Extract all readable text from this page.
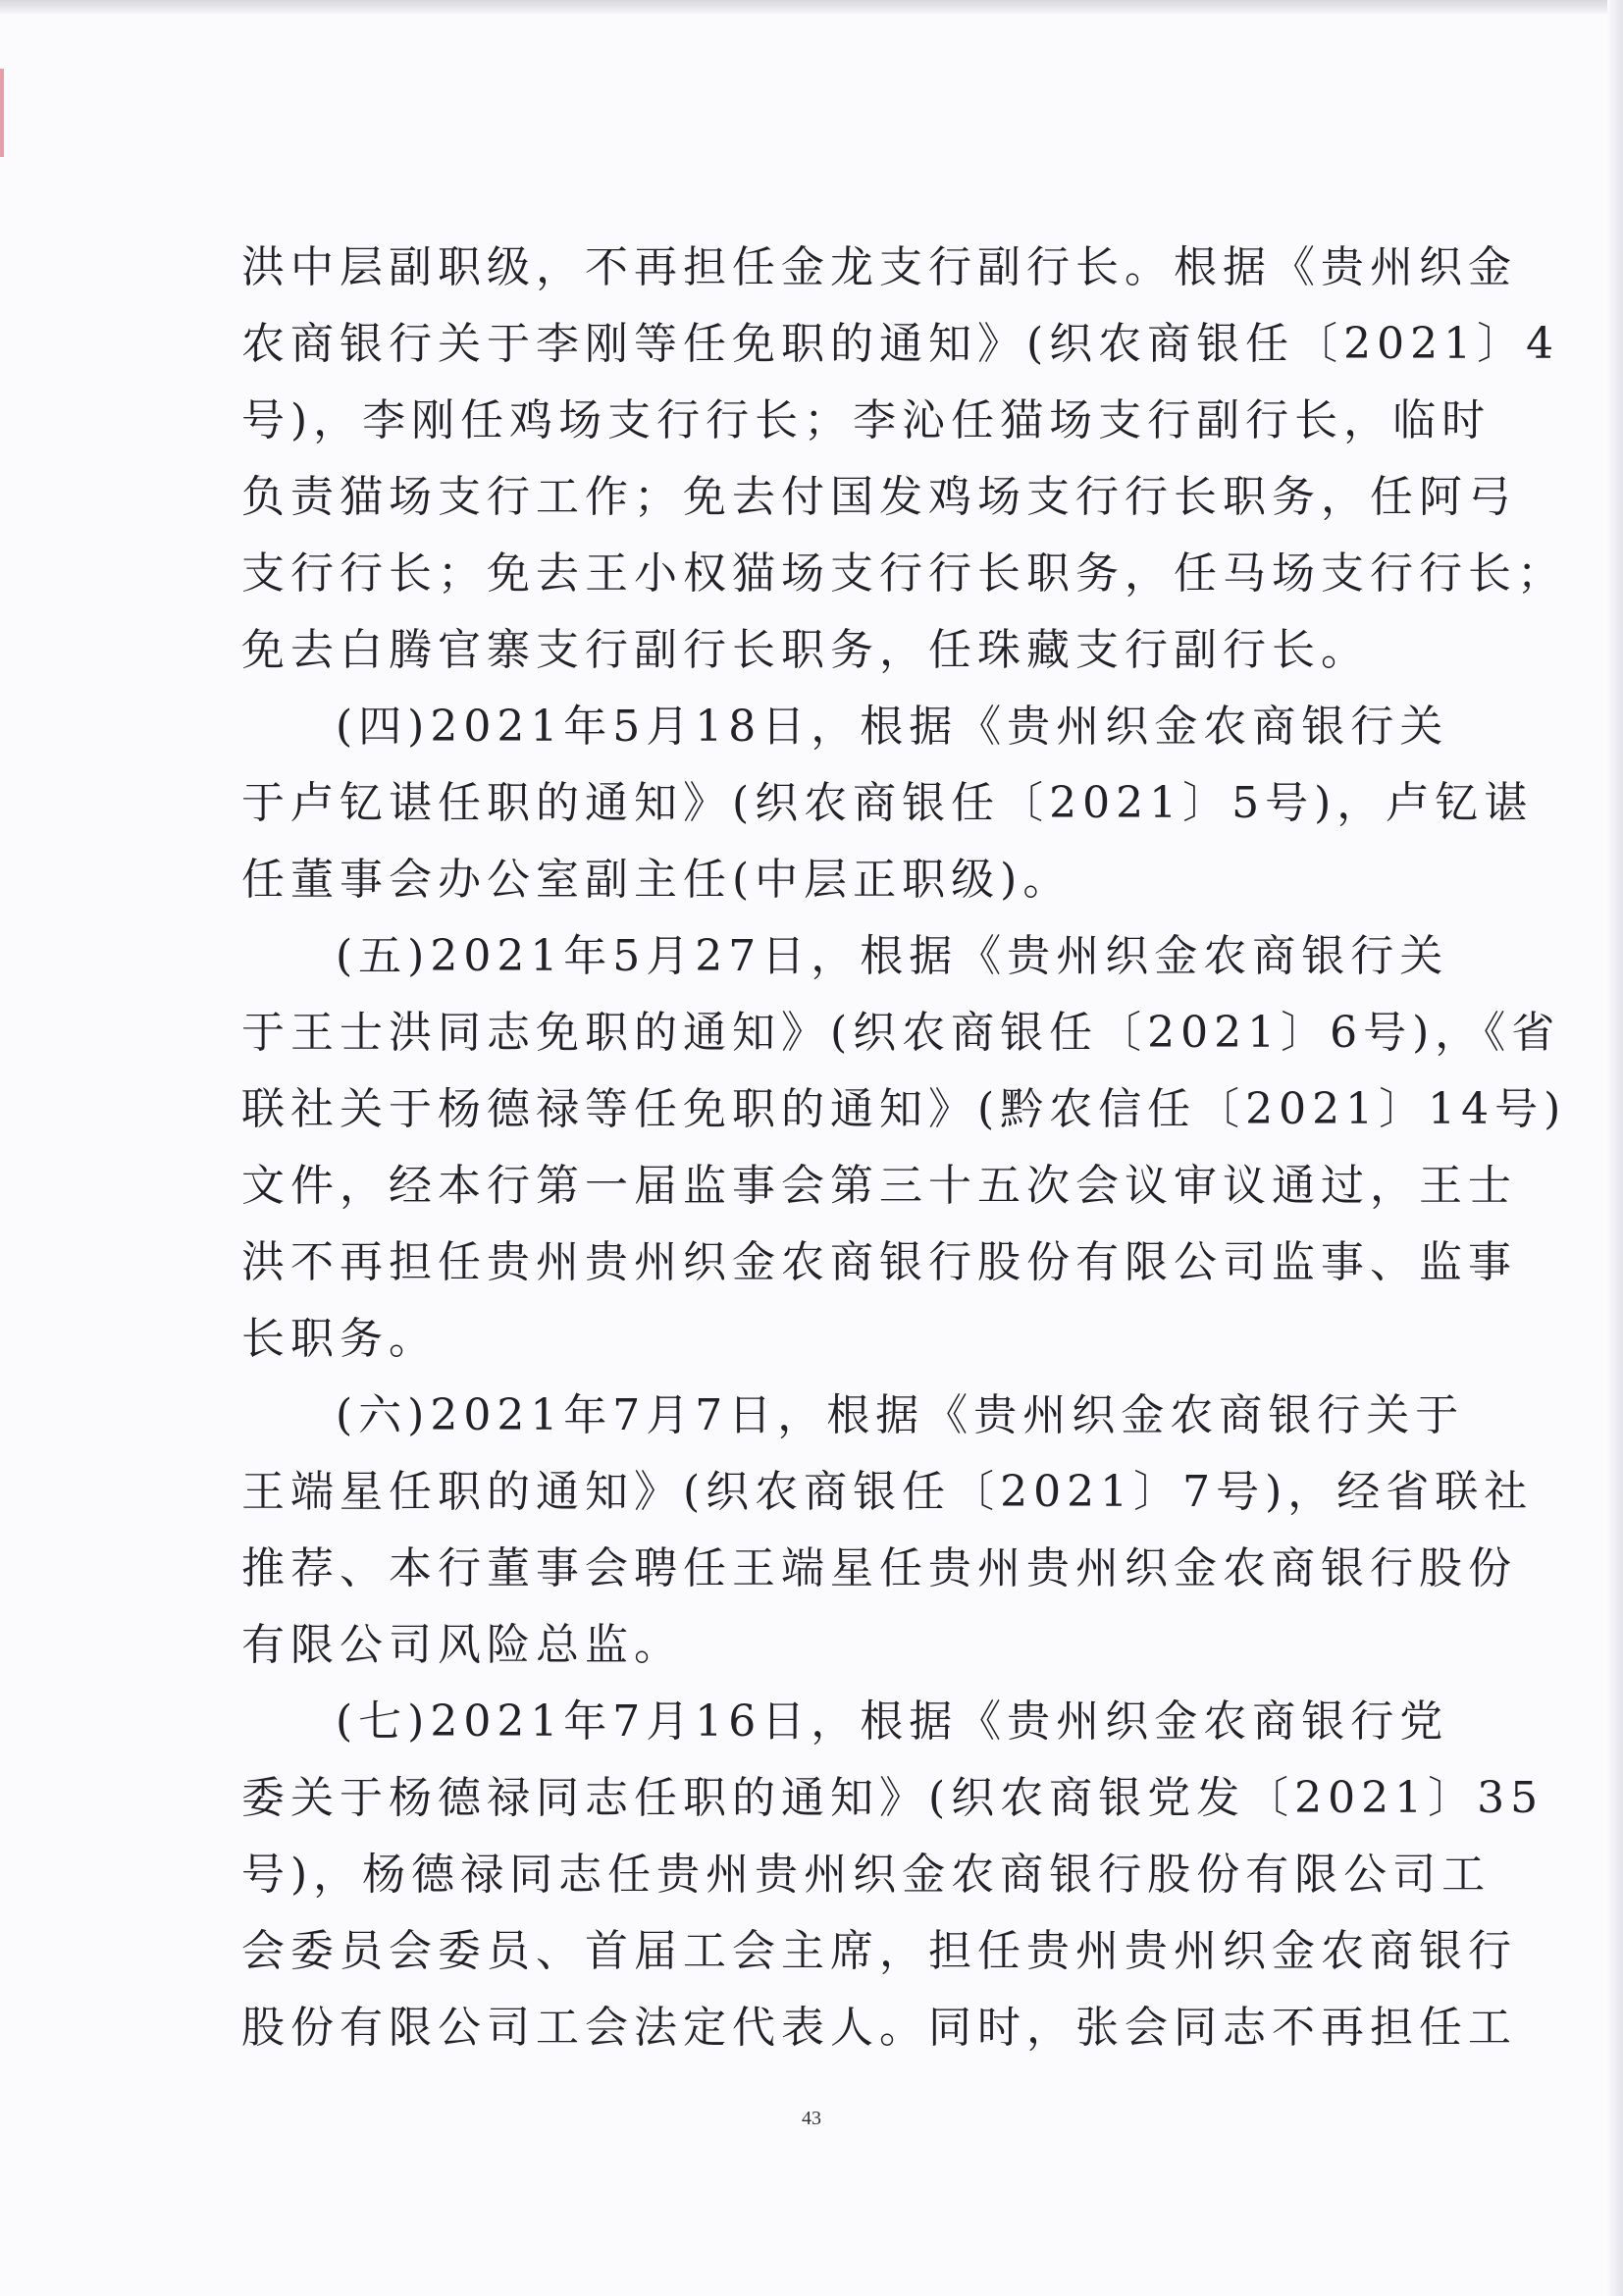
洪中层副职级，不再担任金龙支行副行长。根据《贵州织金

农商银行关于李刚等任免职的通知》(织农商银任〔2021〕4

号)，李刚任鸡场支行行长；李沁任猫场支行副行长，临时

负责猫场支行工作；免去付国发鸡场支行行长职务，任阿弓

支行行长；免去王小权猫场支行行长职务，任马场支行行长；

免去白腾官寨支行副行长职务，任珠藏支行副行长。

(四)2021年5月18日，根据《贵州织金农商银行关

于卢钇谌任职的通知》(织农商银任〔2021〕5号)，卢钇谌

任董事会办公室副主任(中层正职级)。

(五)2021年5月27日，根据《贵州织金农商银行关

于王士洪同志免职的通知》(织农商银任〔2021〕6号)，《省

联社关于杨德禄等任免职的通知》(黔农信任〔2021〕14号)

文件，经本行第一届监事会第三十五次会议审议通过，王士

洪不再担任贵州贵州织金农商银行股份有限公司监事、监事

长职务。

(六)2021年7月7日，根据《贵州织金农商银行关于

王端星任职的通知》(织农商银任〔2021〕7号)，经省联社

推荐、本行董事会聘任王端星任贵州贵州织金农商银行股份

有限公司风险总监。

(七)2021年7月16日，根据《贵州织金农商银行党

委关于杨德禄同志任职的通知》(织农商银党发〔2021〕35

号)，杨德禄同志任贵州贵州织金农商银行股份有限公司工

会委员会委员、首届工会主席，担任贵州贵州织金农商银行

股份有限公司工会法定代表人。同时，张会同志不再担任工

43
